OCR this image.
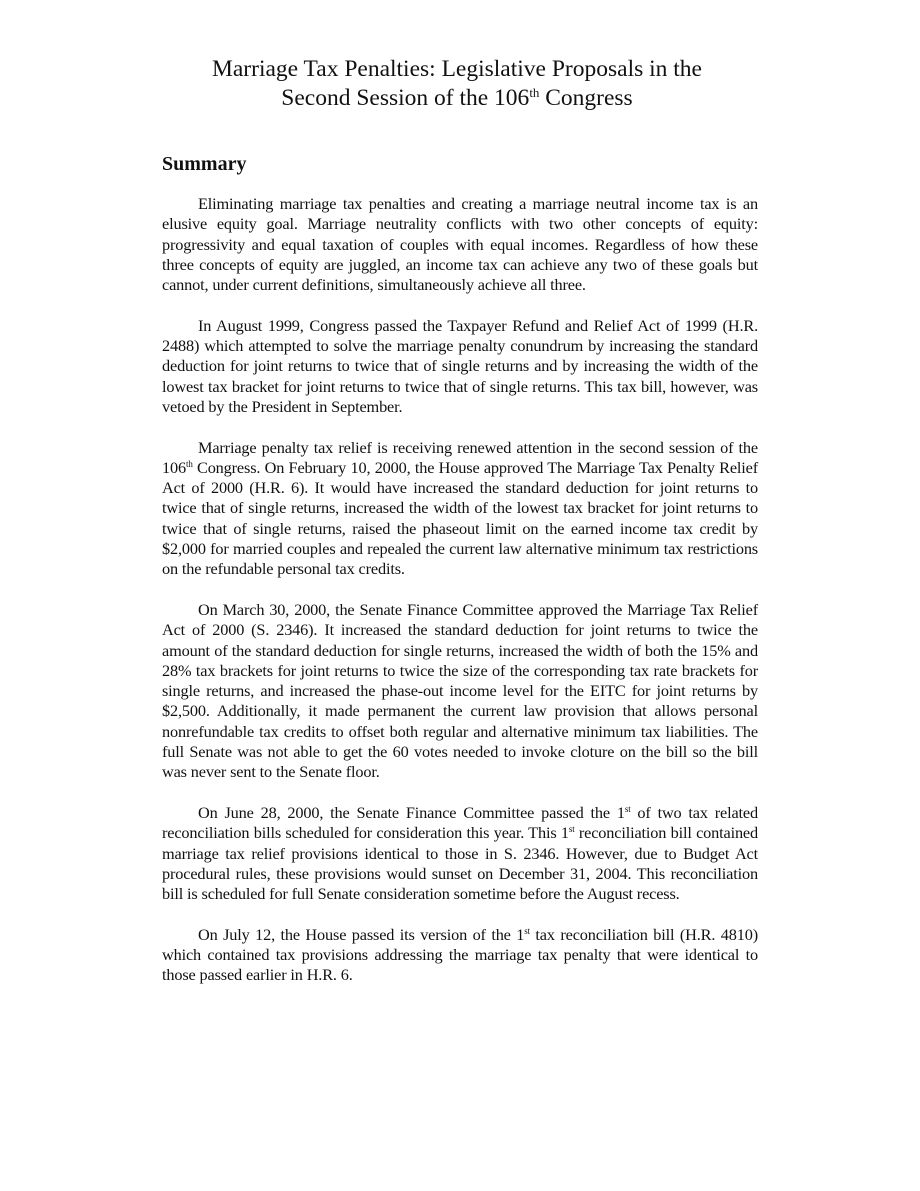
Marriage Tax Penalties: Legislative Proposals in the
Second Session of the 106th Congress
Summary

Eliminating marriage tax penalties and creating a marriage neutral income tax is an elusive equity goal. Marriage neutrality conflicts with two other concepts of equity: progressivity and equal taxation of couples with equal incomes. Regardless of how these three concepts of equity are juggled, an income tax can achieve any two of these goals but cannot, under current definitions, simultaneously achieve all three.

In August 1999, Congress passed the Taxpayer Refund and Relief Act of 1999 (H.R. 2488) which attempted to solve the marriage penalty conundrum by increasing the standard deduction for joint returns to twice that of single returns and by increasing the width of the lowest tax bracket for joint returns to twice that of single returns. This tax bill, however, was vetoed by the President in September.

Marriage penalty tax relief is receiving renewed attention in the second session of the 106th Congress. On February 10, 2000, the House approved The Marriage Tax Penalty Relief Act of 2000 (H.R. 6). It would have increased the standard deduction for joint returns to twice that of single returns, increased the width of the lowest tax bracket for joint returns to twice that of single returns, raised the phaseout limit on the earned income tax credit by $2,000 for married couples and repealed the current law alternative minimum tax restrictions on the refundable personal tax credits.

On March 30, 2000, the Senate Finance Committee approved the Marriage Tax Relief Act of 2000 (S. 2346). It increased the standard deduction for joint returns to twice the amount of the standard deduction for single returns, increased the width of both the 15% and 28% tax brackets for joint returns to twice the size of the corresponding tax rate brackets for single returns, and increased the phase-out income level for the EITC for joint returns by $2,500. Additionally, it made permanent the current law provision that allows personal nonrefundable tax credits to offset both regular and alternative minimum tax liabilities. The full Senate was not able to get the 60 votes needed to invoke cloture on the bill so the bill was never sent to the Senate floor.

On June 28, 2000, the Senate Finance Committee passed the 1st of two tax related reconciliation bills scheduled for consideration this year. This 1st reconciliation bill contained marriage tax relief provisions identical to those in S. 2346. However, due to Budget Act procedural rules, these provisions would sunset on December 31, 2004. This reconciliation bill is scheduled for full Senate consideration sometime before the August recess.

On July 12, the House passed its version of the 1st tax reconciliation bill (H.R. 4810) which contained tax provisions addressing the marriage tax penalty that were identical to those passed earlier in H.R. 6.
